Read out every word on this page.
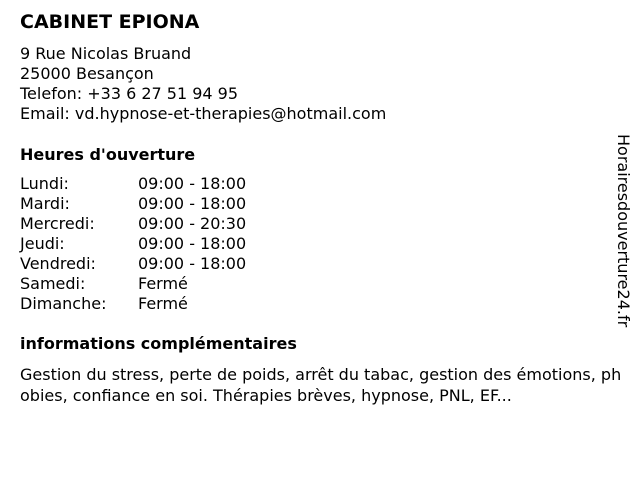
CABINET EPIONA
9 Rue Nicolas Bruand
25000 Besançon
Telefon: +33 6 27 51 94 95
Email: vd.hypnose-et-therapies@hotmail.com
Heures d'ouverture
Lundi:	09:00 - 18:00
Mardi:	09:00 - 18:00
Mercredi:	09:00 - 20:30
Jeudi:	09:00 - 18:00
Vendredi:	09:00 - 18:00
Samedi:	Fermé
Dimanche: Fermé
informations complémentaires
Gestion du stress, perte de poids, arrêt du tabac, gestion des émotions, phobies, confiance en soi. Thérapies brèves, hypnose, PNL, EF...
Horairesdouverture24.fr
